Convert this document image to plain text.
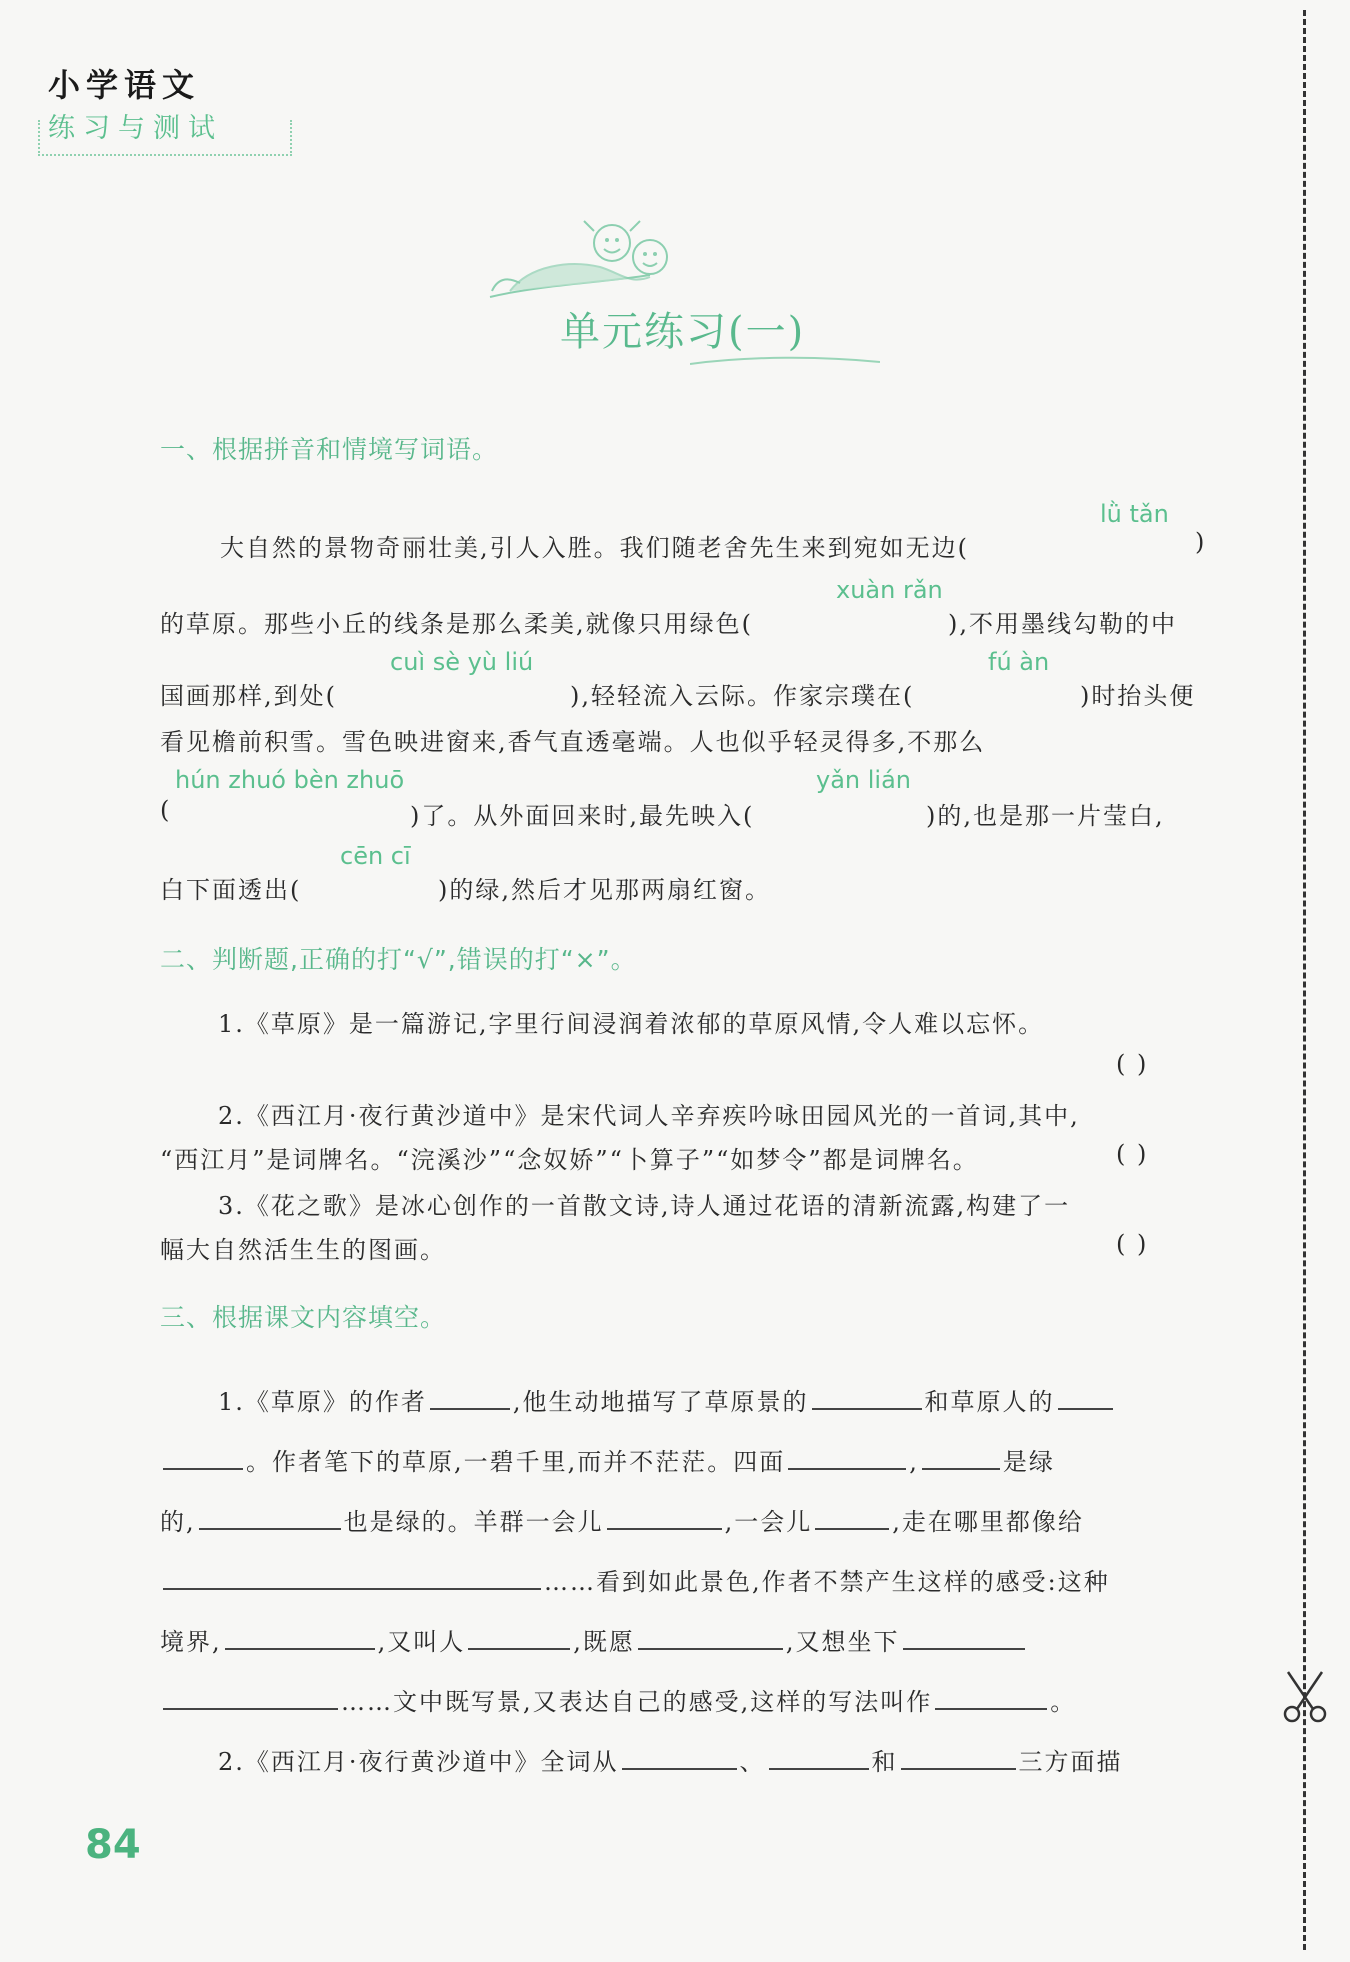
小学语文
练习与测试
单元练习(一)
一、根据拼音和情境写词语。
lǜ tǎn
大自然的景物奇丽壮美,引人入胜。我们随老舍先生来到宛如无边(	)
xuàn rǎn
的草原。那些小丘的线条是那么柔美,就像只用绿色(	),不用墨线勾勒的中
cuì sè yù liú	fú àn
国画那样,到处(	),轻轻流入云际。作家宗璞在(	)时抬头便
看见檐前积雪。雪色映进窗来,香气直透毫端。人也似乎轻灵得多,不那么
hún zhuó bèn zhuō	yǎn lián
(	)了。从外面回来时,最先映入(	)的,也是那一片莹白,
cēn cī
白下面透出(	)的绿,然后才见那两扇红窗。
二、判断题,正确的打“√”,错误的打“×”。
1.《草原》是一篇游记,字里行间浸润着浓郁的草原风情,令人难以忘怀。
( )
2.《西江月·夜行黄沙道中》是宋代词人辛弃疾吟咏田园风光的一首词,其中,
“西江月”是词牌名。“浣溪沙”“念奴娇”“卜算子”“如梦令”都是词牌名。	( )
3.《花之歌》是冰心创作的一首散文诗,诗人通过花语的清新流露,构建了一
幅大自然活生生的图画。	( )
三、根据课文内容填空。
1.《草原》的作者	,他生动地描写了草原景的	和草原人的
。作者笔下的草原,一碧千里,而并不茫茫。四面	,	是绿
的,	也是绿的。羊群一会儿	,一会儿	,走在哪里都像给
……看到如此景色,作者不禁产生这样的感受:这种
境界,	,又叫人	,既愿	,又想坐下
……文中既写景,又表达自己的感受,这样的写法叫作	。
2.《西江月·夜行黄沙道中》全词从	、	和	三方面描
84
